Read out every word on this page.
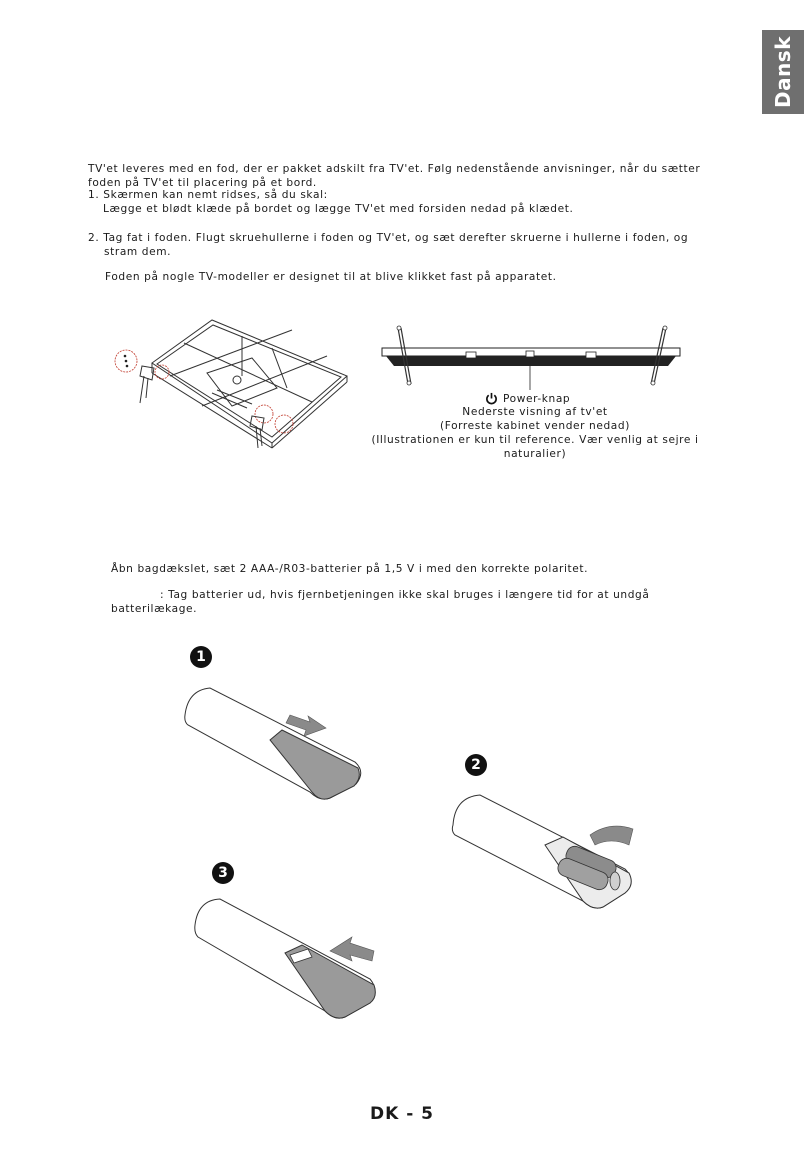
Dansk
TV'et leveres med en fod, der er pakket adskilt fra TV'et. Følg nedenstående anvisninger, når du sætter
foden på TV'et til placering på et bord.
1. Skærmen kan nemt ridses, så du skal:
Lægge et blødt klæde på bordet og lægge TV'et med forsiden nedad på klædet.
2. Tag fat i foden. Flugt skruehullerne i foden og TV'et, og sæt derefter skruerne i hullerne i foden, og
stram dem.
Foden på nogle TV-modeller er designet til at blive klikket fast på apparatet.
Power-knap
Nederste visning af tv'et
(Forreste kabinet vender nedad)
(Illustrationen er kun til reference. Vær venlig at sejre i
naturalier)
Åbn bagdækslet, sæt 2 AAA-/R03-batterier på 1,5 V i med den korrekte polaritet.
: Tag batterier ud, hvis fjernbetjeningen ikke skal bruges i længere tid for at undgå
batterilækage.
1
2
3
DK - 5
